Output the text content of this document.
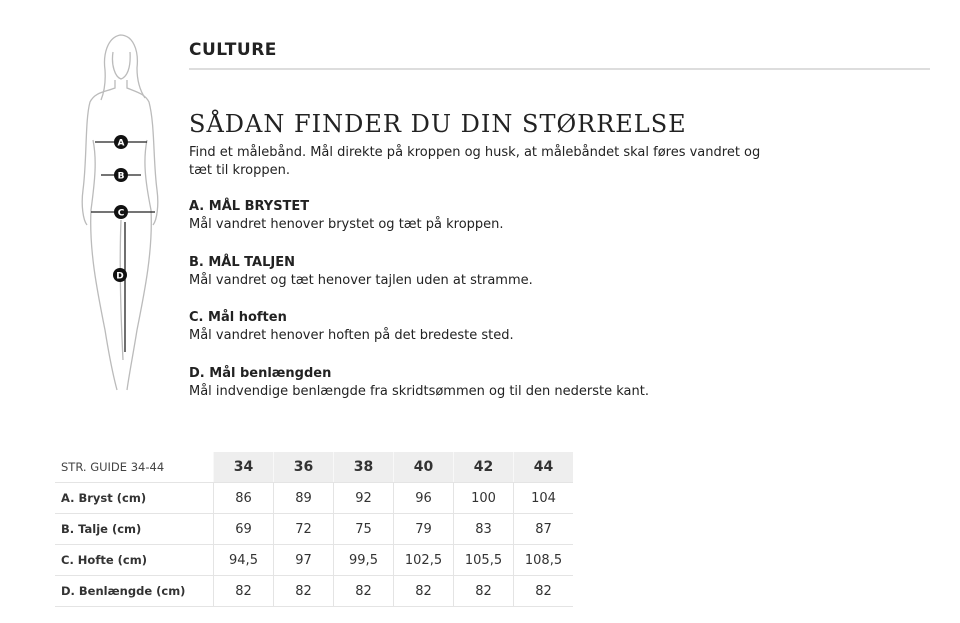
A
B
C
D
CULTURE
SÅDAN FINDER DU DIN STØRRELSE
Find et målebånd. Mål direkte på kroppen og husk, at målebåndet skal føres vandret og tæt til kroppen.
A. MÅL BRYSTET
Mål vandret henover brystet og tæt på kroppen.
B. MÅL TALJEN
Mål vandret og tæt henover tajlen uden at stramme.
C. Mål hoften
Mål vandret henover hoften på det bredeste sted.
D. Mål benlængden
Mål indvendige benlængde fra skridtsømmen og til den nederste kant.
STR. GUIDE 34-44	34	36	38	40	42	44
A. Bryst (cm)	86	89	92	96	100	104
B. Talje (cm)	69	72	75	79	83	87
C. Hofte (cm)	94,5	97	99,5	102,5	105,5	108,5
D. Benlængde (cm)	82	82	82	82	82	82
